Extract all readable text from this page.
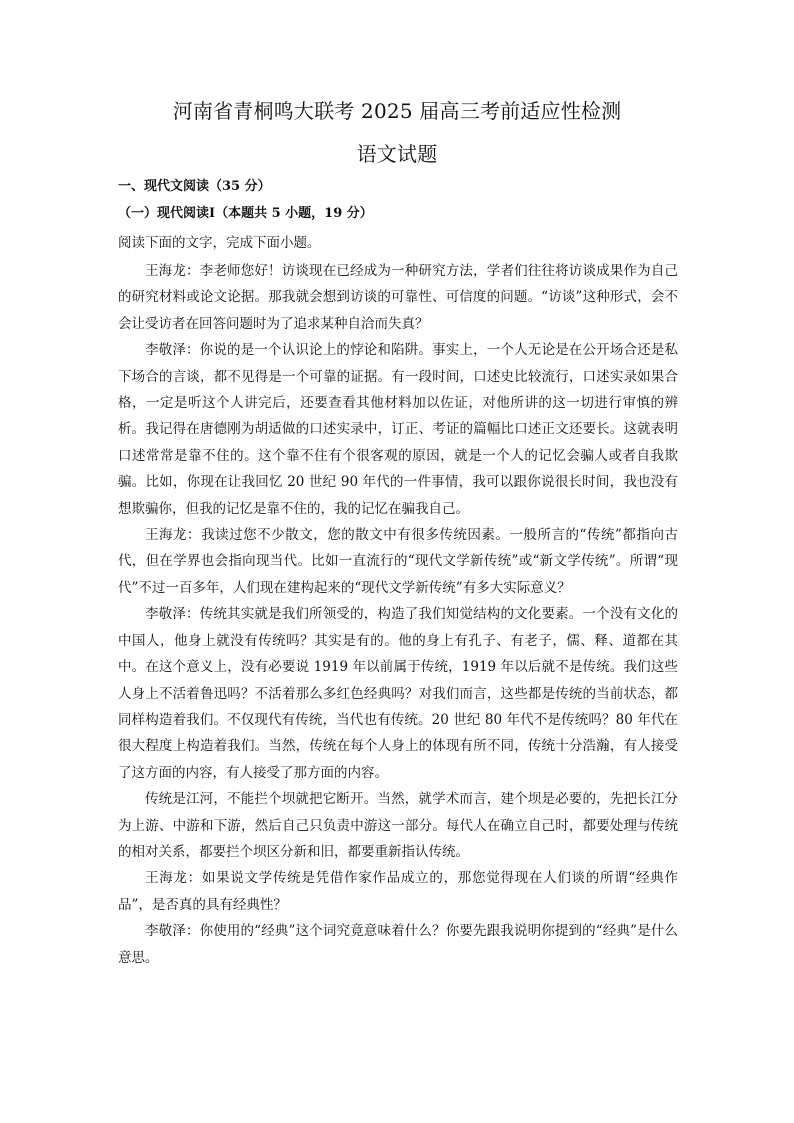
河南省青桐鸣大联考 2025 届高三考前适应性检测
语文试题
一、现代文阅读（35 分）
（一）现代阅读Ⅰ（本题共 5 小题，19 分）
阅读下面的文字，完成下面小题。

王海龙：李老师您好！访谈现在已经成为一种研究方法，学者们往往将访谈成果作为自己的研究材料或论文论据。那我就会想到访谈的可靠性、可信度的问题。“访谈”这种形式，会不会让受访者在回答问题时为了追求某种自洽而失真？

李敬泽：你说的是一个认识论上的悖论和陷阱。事实上，一个人无论是在公开场合还是私下场合的言谈，都不见得是一个可靠的证据。有一段时间，口述史比较流行，口述实录如果合格，一定是听这个人讲完后，还要查看其他材料加以佐证，对他所讲的这一切进行审慎的辨析。我记得在唐德刚为胡适做的口述实录中，订正、考证的篇幅比口述正文还要长。这就表明口述常常是靠不住的。这个靠不住有个很客观的原因，就是一个人的记忆会骗人或者自我欺骗。比如，你现在让我回忆 20 世纪 90 年代的一件事情，我可以跟你说很长时间，我也没有想欺骗你，但我的记忆是靠不住的，我的记忆在骗我自己。

王海龙：我读过您不少散文，您的散文中有很多传统因素。一般所言的“传统”都指向古代，但在学界也会指向现当代。比如一直流行的“现代文学新传统”或“新文学传统”。所谓“现代”不过一百多年，人们现在建构起来的“现代文学新传统”有多大实际意义？

李敬泽：传统其实就是我们所领受的，构造了我们知觉结构的文化要素。一个没有文化的中国人，他身上就没有传统吗？其实是有的。他的身上有孔子、有老子，儒、释、道都在其中。在这个意义上，没有必要说 1919 年以前属于传统，1919 年以后就不是传统。我们这些人身上不活着鲁迅吗？不活着那么多红色经典吗？对我们而言，这些都是传统的当前状态，都同样构造着我们。不仅现代有传统，当代也有传统。20 世纪 80 年代不是传统吗？80 年代在很大程度上构造着我们。当然，传统在每个人身上的体现有所不同，传统十分浩瀚，有人接受了这方面的内容，有人接受了那方面的内容。

传统是江河，不能拦个坝就把它断开。当然，就学术而言，建个坝是必要的，先把长江分为上游、中游和下游，然后自己只负责中游这一部分。每代人在确立自己时，都要处理与传统的相对关系，都要拦个坝区分新和旧，都要重新指认传统。

王海龙：如果说文学传统是凭借作家作品成立的，那您觉得现在人们谈的所谓“经典作品”，是否真的具有经典性？

李敬泽：你使用的“经典”这个词究竟意味着什么？你要先跟我说明你提到的“经典”是什么意思。
